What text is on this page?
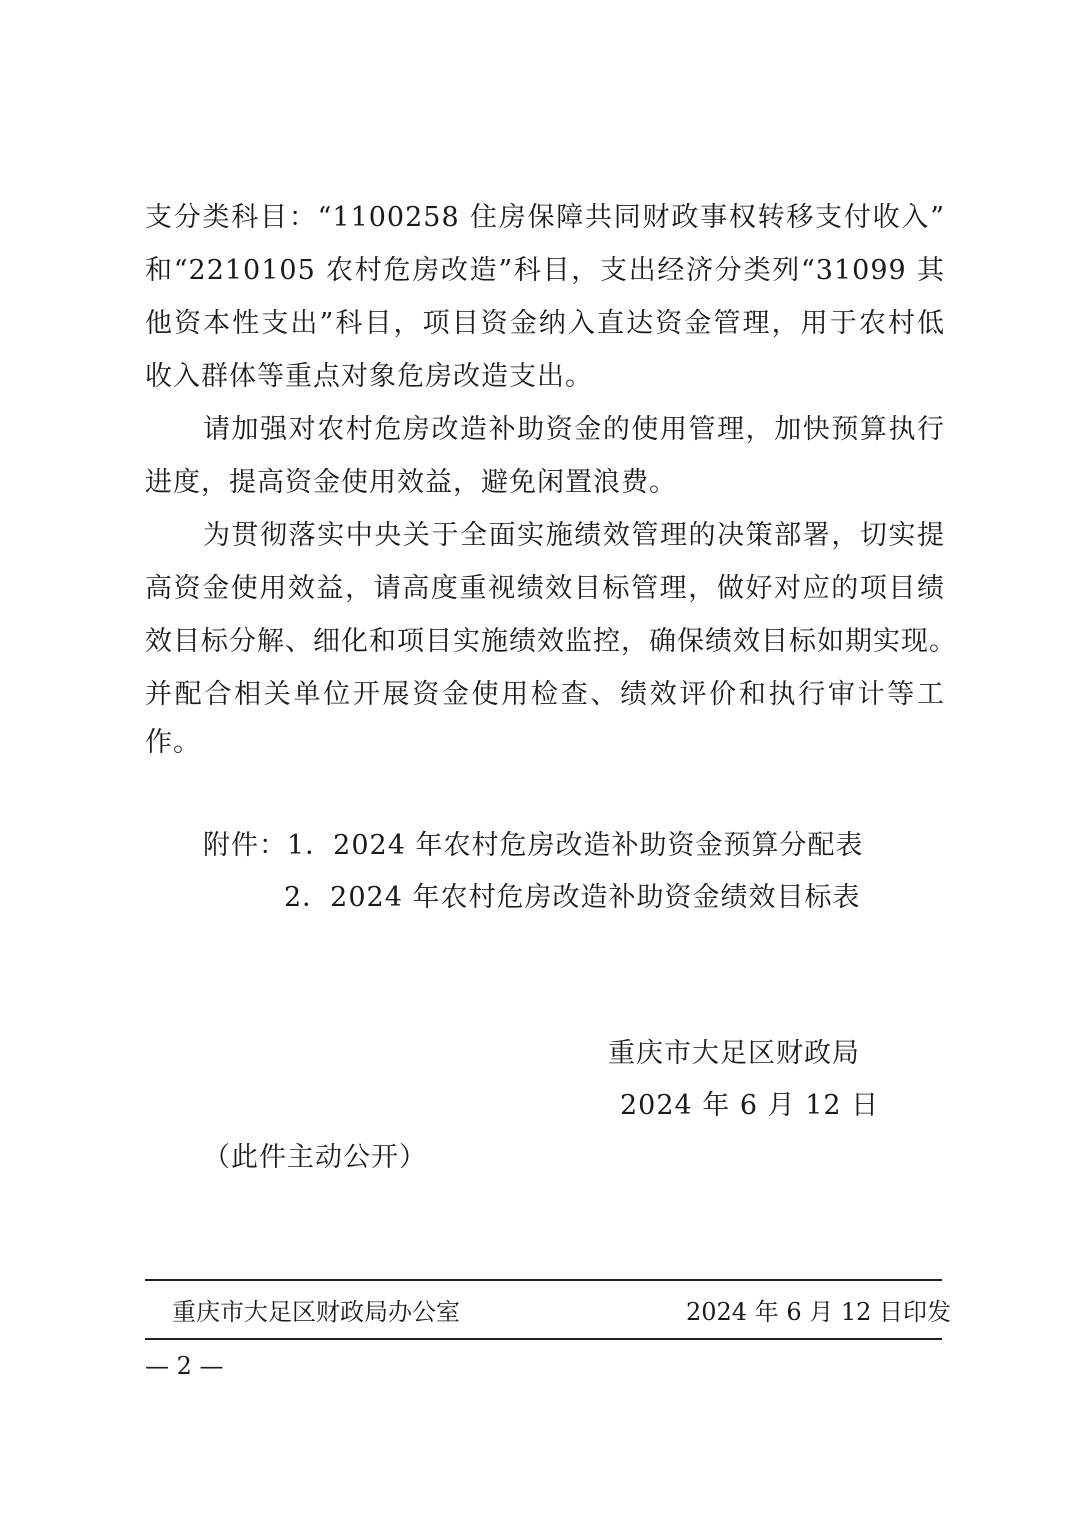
支分类科目：“1100258 住房保障共同财政事权转移支付收入”
和“2210105 农村危房改造”科目，支出经济分类列“31099 其
他资本性支出”科目，项目资金纳入直达资金管理，用于农村低
收入群体等重点对象危房改造支出。
请加强对农村危房改造补助资金的使用管理，加快预算执行
进度，提高资金使用效益，避免闲置浪费。
为贯彻落实中央关于全面实施绩效管理的决策部署，切实提
高资金使用效益，请高度重视绩效目标管理，做好对应的项目绩
效目标分解、细化和项目实施绩效监控，确保绩效目标如期实现。
并配合相关单位开展资金使用检查、绩效评价和执行审计等工
作。
附件：1．2024 年农村危房改造补助资金预算分配表
2．2024 年农村危房改造补助资金绩效目标表
重庆市大足区财政局
2024 年 6 月 12 日
（此件主动公开）
重庆市大足区财政局办公室	2024 年 6 月 12 日印发
— 2 —
